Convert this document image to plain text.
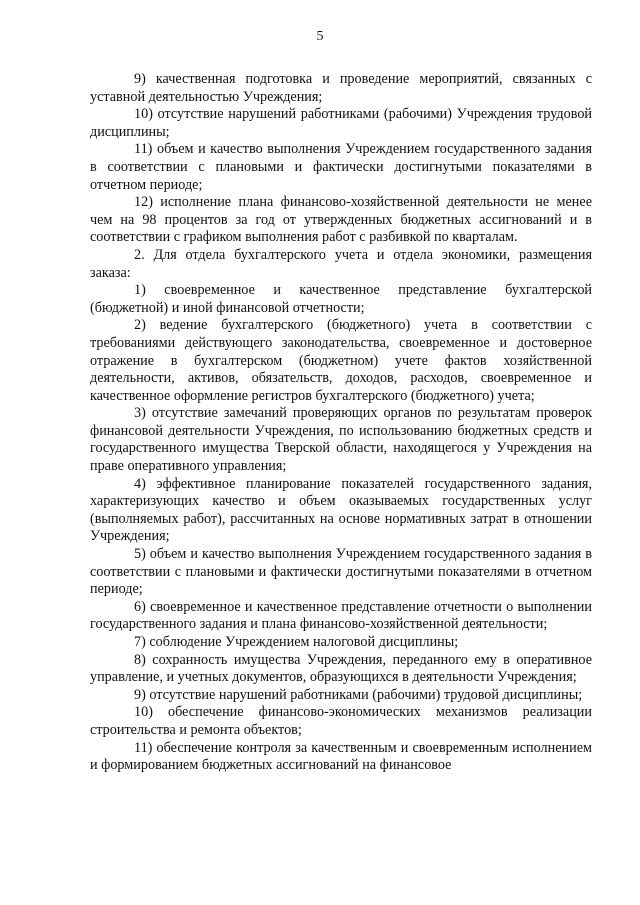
5

9) качественная подготовка и проведение мероприятий, связанных с уставной деятельностью Учреждения;

10) отсутствие нарушений работниками (рабочими) Учреждения трудовой дисциплины;

11) объем и качество выполнения Учреждением государственного задания в соответствии с плановыми и фактически достигнутыми показателями в отчетном периоде;

12) исполнение плана финансово-хозяйственной деятельности не менее чем на 98 процентов за год от утвержденных бюджетных ассигнований и в соответствии с графиком выполнения работ с разбивкой по кварталам.

2. Для отдела бухгалтерского учета и отдела экономики, размещения заказа:

1) своевременное и качественное представление бухгалтерской (бюджетной) и иной финансовой отчетности;

2) ведение бухгалтерского (бюджетного) учета в соответствии с требованиями действующего законодательства, своевременное и достоверное отражение в бухгалтерском (бюджетном) учете фактов хозяйственной деятельности, активов, обязательств, доходов, расходов, своевременное и качественное оформление регистров бухгалтерского (бюджетного) учета;

3) отсутствие замечаний проверяющих органов по результатам проверок финансовой деятельности Учреждения, по использованию бюджетных средств и государственного имущества Тверской области, находящегося у Учреждения на праве оперативного управления;

4) эффективное планирование показателей государственного задания, характеризующих качество и объем оказываемых государственных услуг (выполняемых работ), рассчитанных на основе нормативных затрат в отношении Учреждения;

5) объем и качество выполнения Учреждением государственного задания в соответствии с плановыми и фактически достигнутыми показателями в отчетном периоде;

6) своевременное и качественное представление отчетности о выполнении государственного задания и плана финансово-хозяйственной деятельности;

7) соблюдение Учреждением налоговой дисциплины;

8) сохранность имущества Учреждения, переданного ему в оперативное управление, и учетных документов, образующихся в деятельности Учреждения;

9) отсутствие нарушений работниками (рабочими) трудовой дисциплины;

10) обеспечение финансово-экономических механизмов реализации строительства и ремонта объектов;

11) обеспечение контроля за качественным и своевременным исполнением и формированием бюджетных ассигнований на финансовое
